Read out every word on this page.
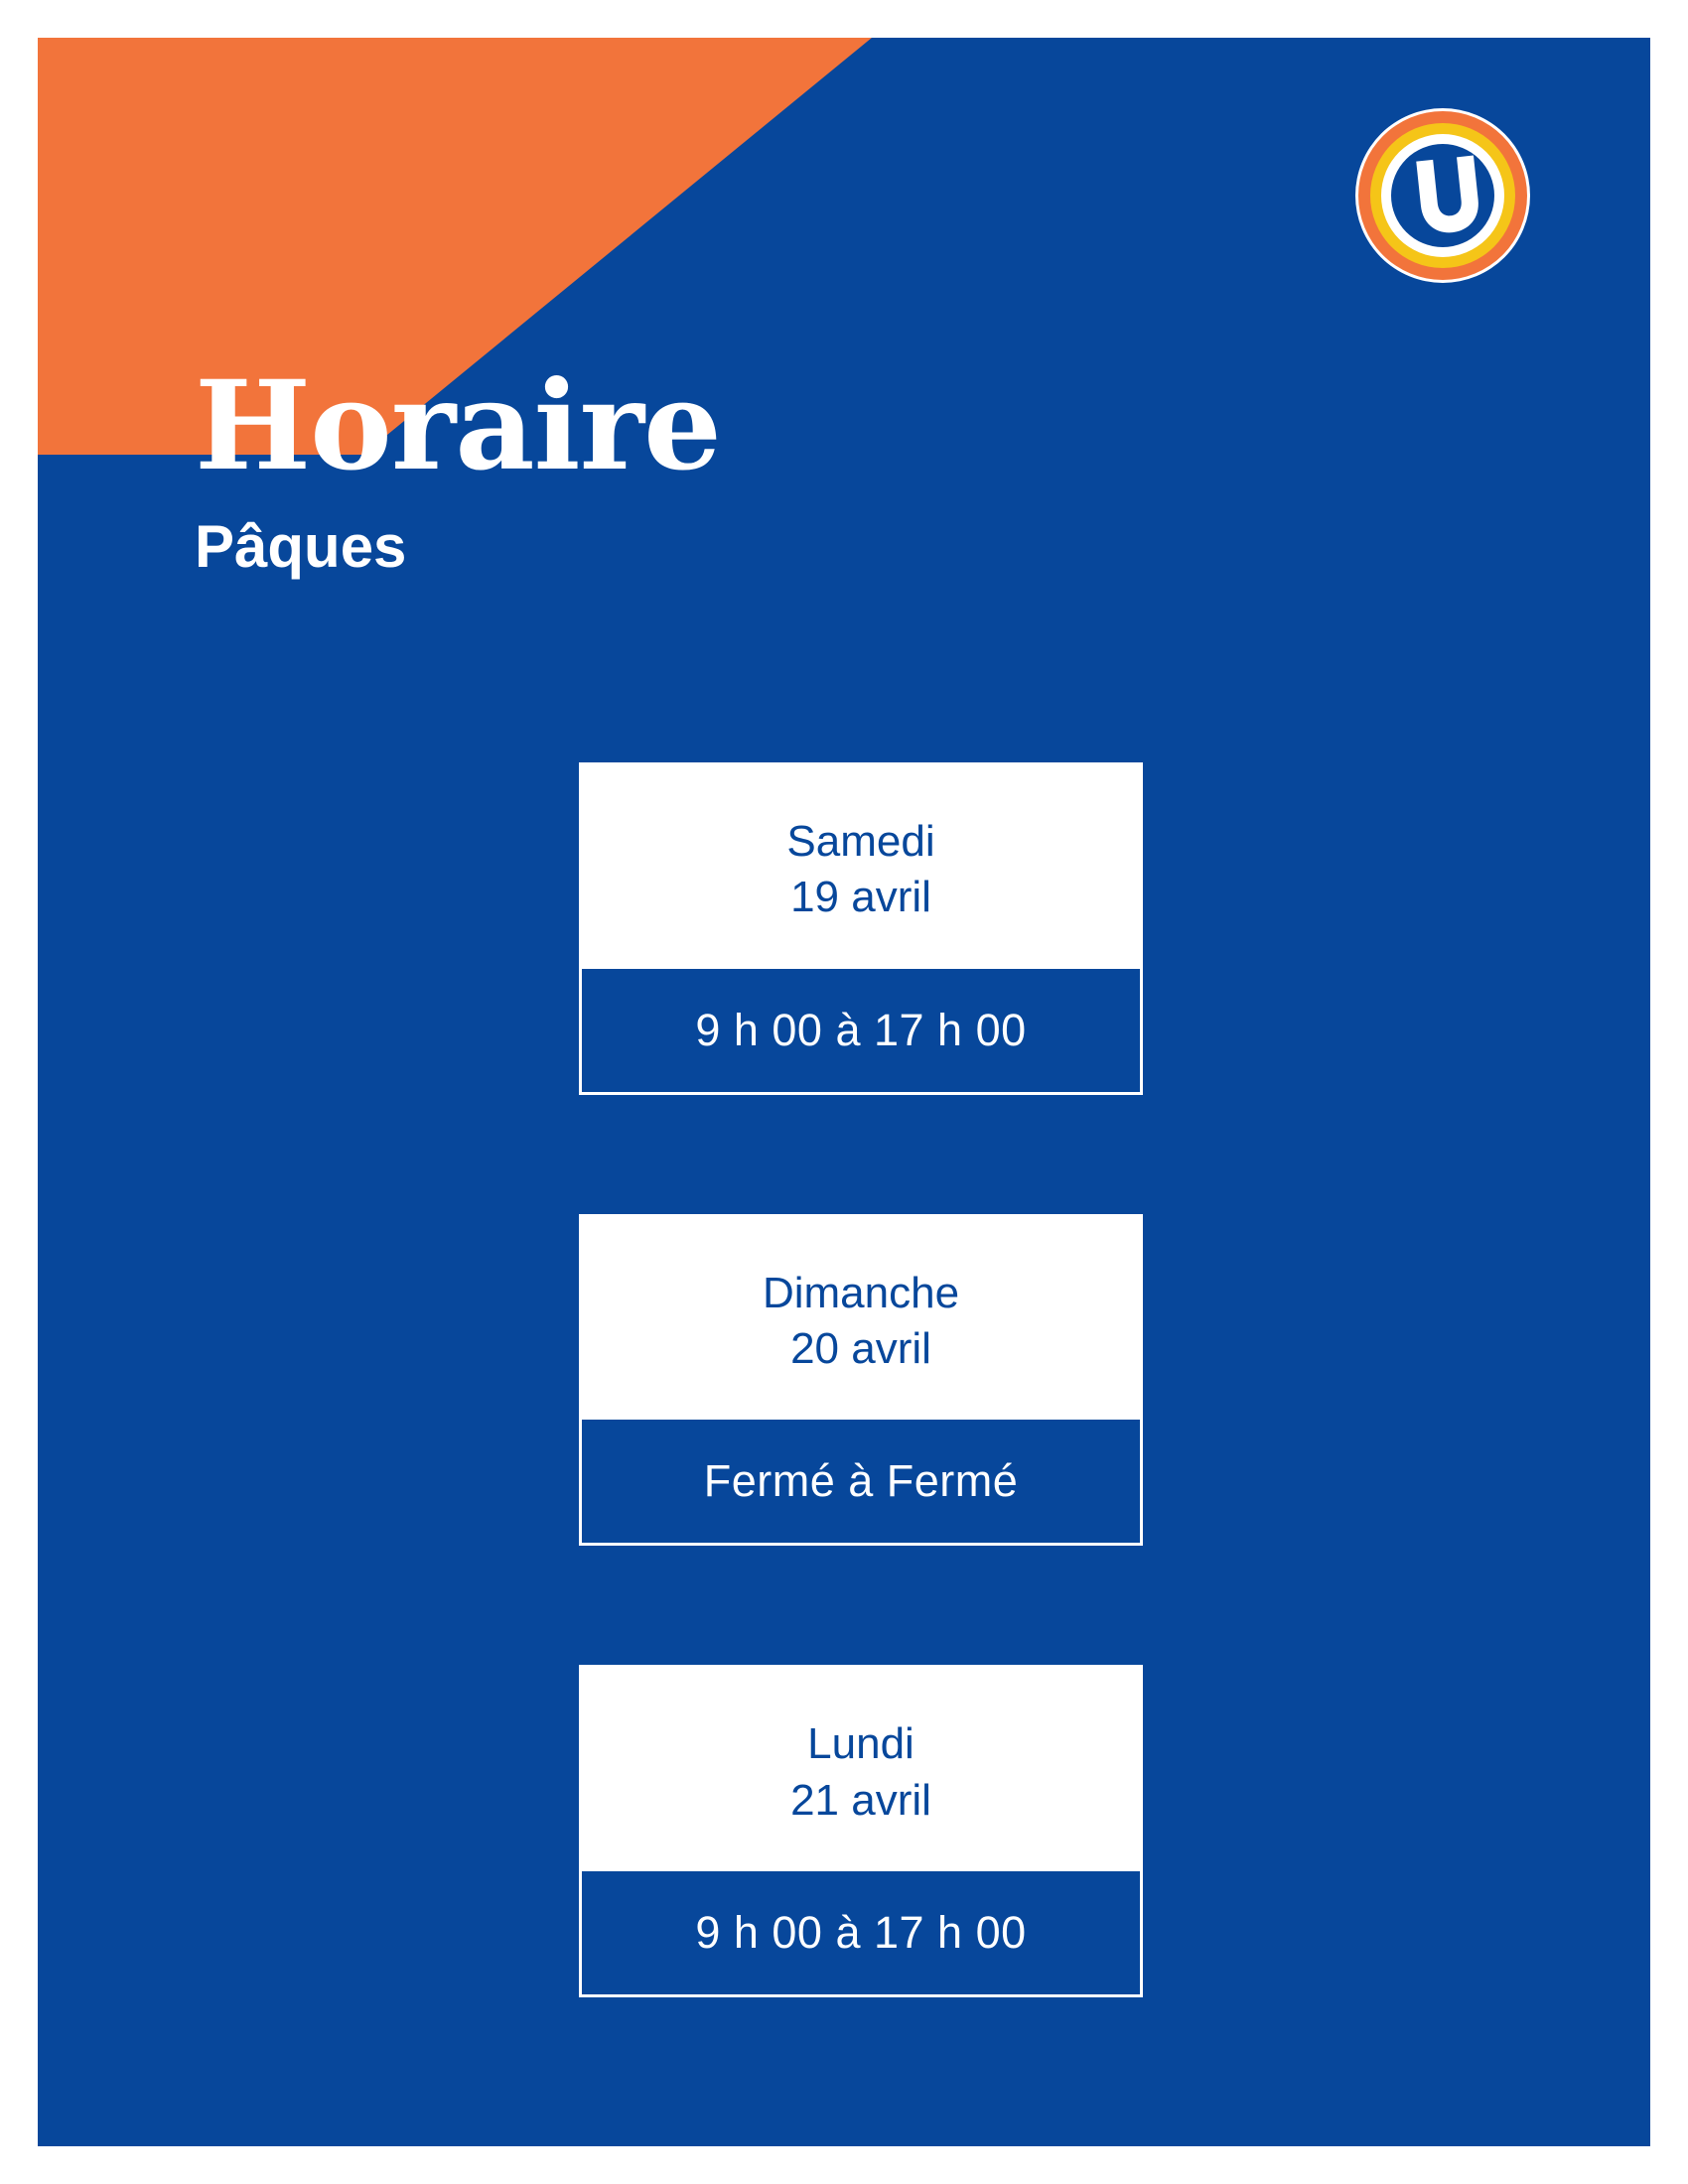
Horaire
Pâques
Samedi
19 avril
9 h 00 à 17 h 00
Dimanche
20 avril
Fermé à Fermé
Lundi
21 avril
9 h 00 à 17 h 00
